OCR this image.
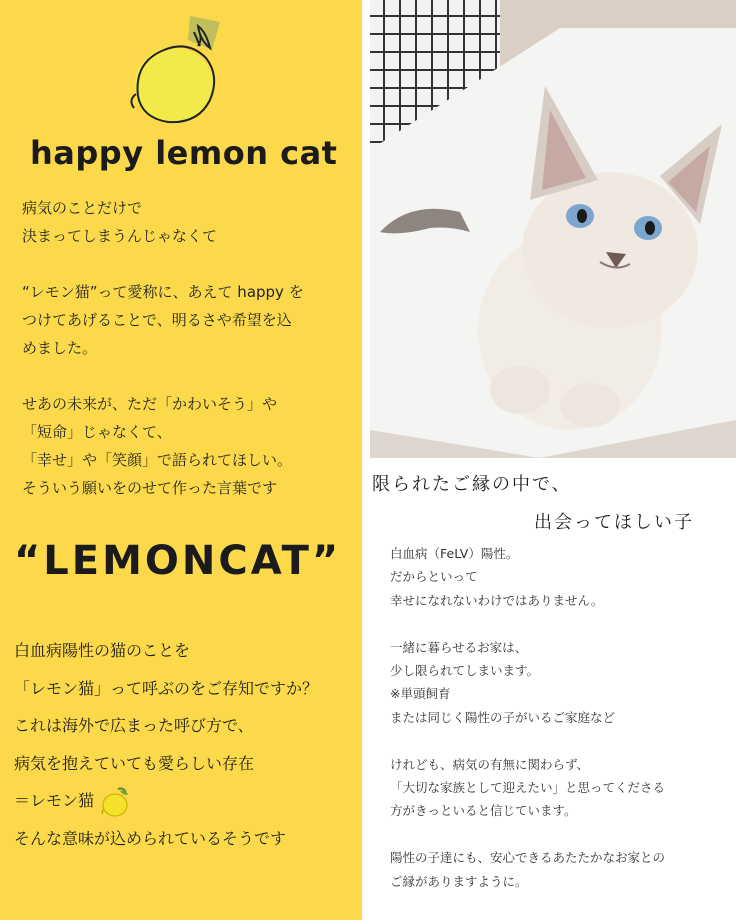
happy lemon cat
病気のことだけで
決まってしまうんじゃなくて

“レモン猫”って愛称に、あえて happy を
つけてあげることで、明るさや希望を込
めました。

せあの未来が、ただ「かわいそう」や
「短命」じゃなくて、
「幸せ」や「笑顔」で語られてほしい。
そういう願いをのせて作った言葉です
“LEMONCAT”
白血病陽性の猫のことを
「レモン猫」って呼ぶのをご存知ですか？
これは海外で広まった呼び方で、
病気を抱えていても愛らしい存在
＝レモン猫
そんな意味が込められているそうです
限られたご縁の中で、
出会ってほしい子
白血病（FeLV）陽性。
だからといって
幸せになれないわけではありません。
一緒に暮らせるお家は、
少し限られてしまいます。
※単頭飼育
または同じく陽性の子がいるご家庭など
けれども、病気の有無に関わらず、
「大切な家族として迎えたい」と思ってくださる
方がきっといると信じています。
陽性の子達にも、安心できるあたたかなお家との
ご縁がありますように。
